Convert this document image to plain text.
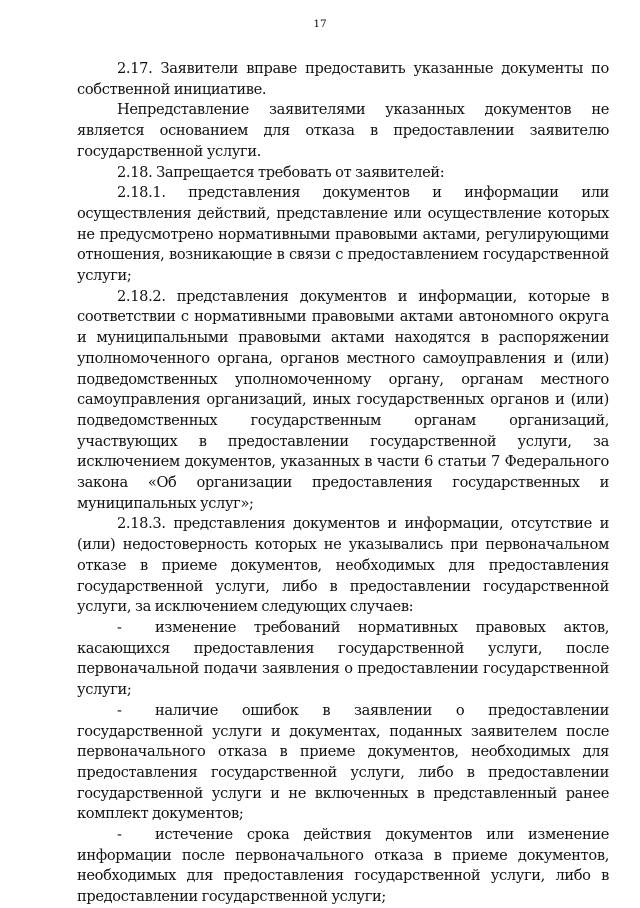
17

2.17. Заявители вправе предоставить указанные документы по собственной инициативе.

Непредставление заявителями указанных документов не является основанием для отказа в предоставлении заявителю государственной услуги.

2.18. Запрещается требовать от заявителей:

2.18.1. представления документов и информации или осуществления действий, представление или осуществление которых не предусмотрено нормативными правовыми актами, регулирующими отношения, возникающие в связи с предоставлением государственной услуги;

2.18.2. представления документов и информации, которые в соответствии с нормативными правовыми актами автономного округа и муниципальными правовыми актами находятся в распоряжении уполномоченного органа, органов местного самоуправления и (или) подведомственных уполномоченному органу, органам местного самоуправления организаций, иных государственных органов и (или) подведомственных государственным органам организаций, участвующих в предоставлении государственной услуги, за исключением документов, указанных в части 6 статьи 7 Федерального закона «Об организации предоставления государственных и муниципальных услуг»;

2.18.3. представления документов и информации, отсутствие и (или) недостоверность которых не указывались при первоначальном отказе в приеме документов, необходимых для предоставления государственной услуги, либо в предоставлении государственной услуги, за исключением следующих случаев:

- изменение требований нормативных правовых актов, касающихся предоставления государственной услуги, после первоначальной подачи заявления о предоставлении государственной услуги;

- наличие ошибок в заявлении о предоставлении государственной услуги и документах, поданных заявителем после первоначального отказа в приеме документов, необходимых для предоставления государственной услуги, либо в предоставлении государственной услуги и не включенных в представленный ранее комплект документов;

- истечение срока действия документов или изменение информации после первоначального отказа в приеме документов, необходимых для предоставления государственной услуги, либо в предоставлении государственной услуги;
